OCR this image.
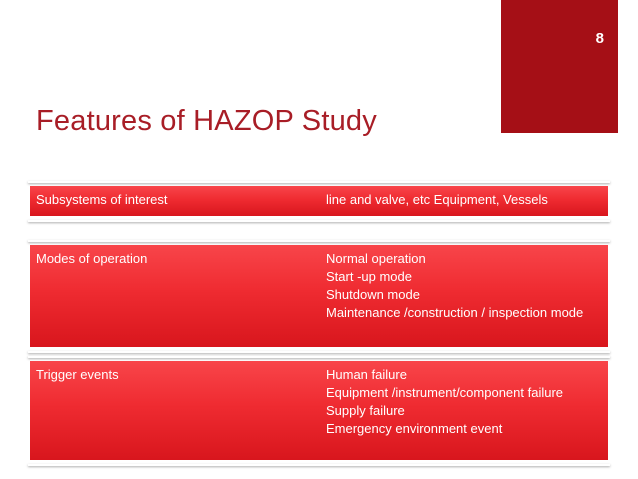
8
Features of HAZOP Study
Subsystems of interest	line and valve, etc Equipment, Vessels
Modes of operation	Normal operation
Start -up mode
Shutdown mode
Maintenance /construction / inspection mode
Trigger events	Human failure
Equipment /instrument/component failure
Supply failure
Emergency environment event
